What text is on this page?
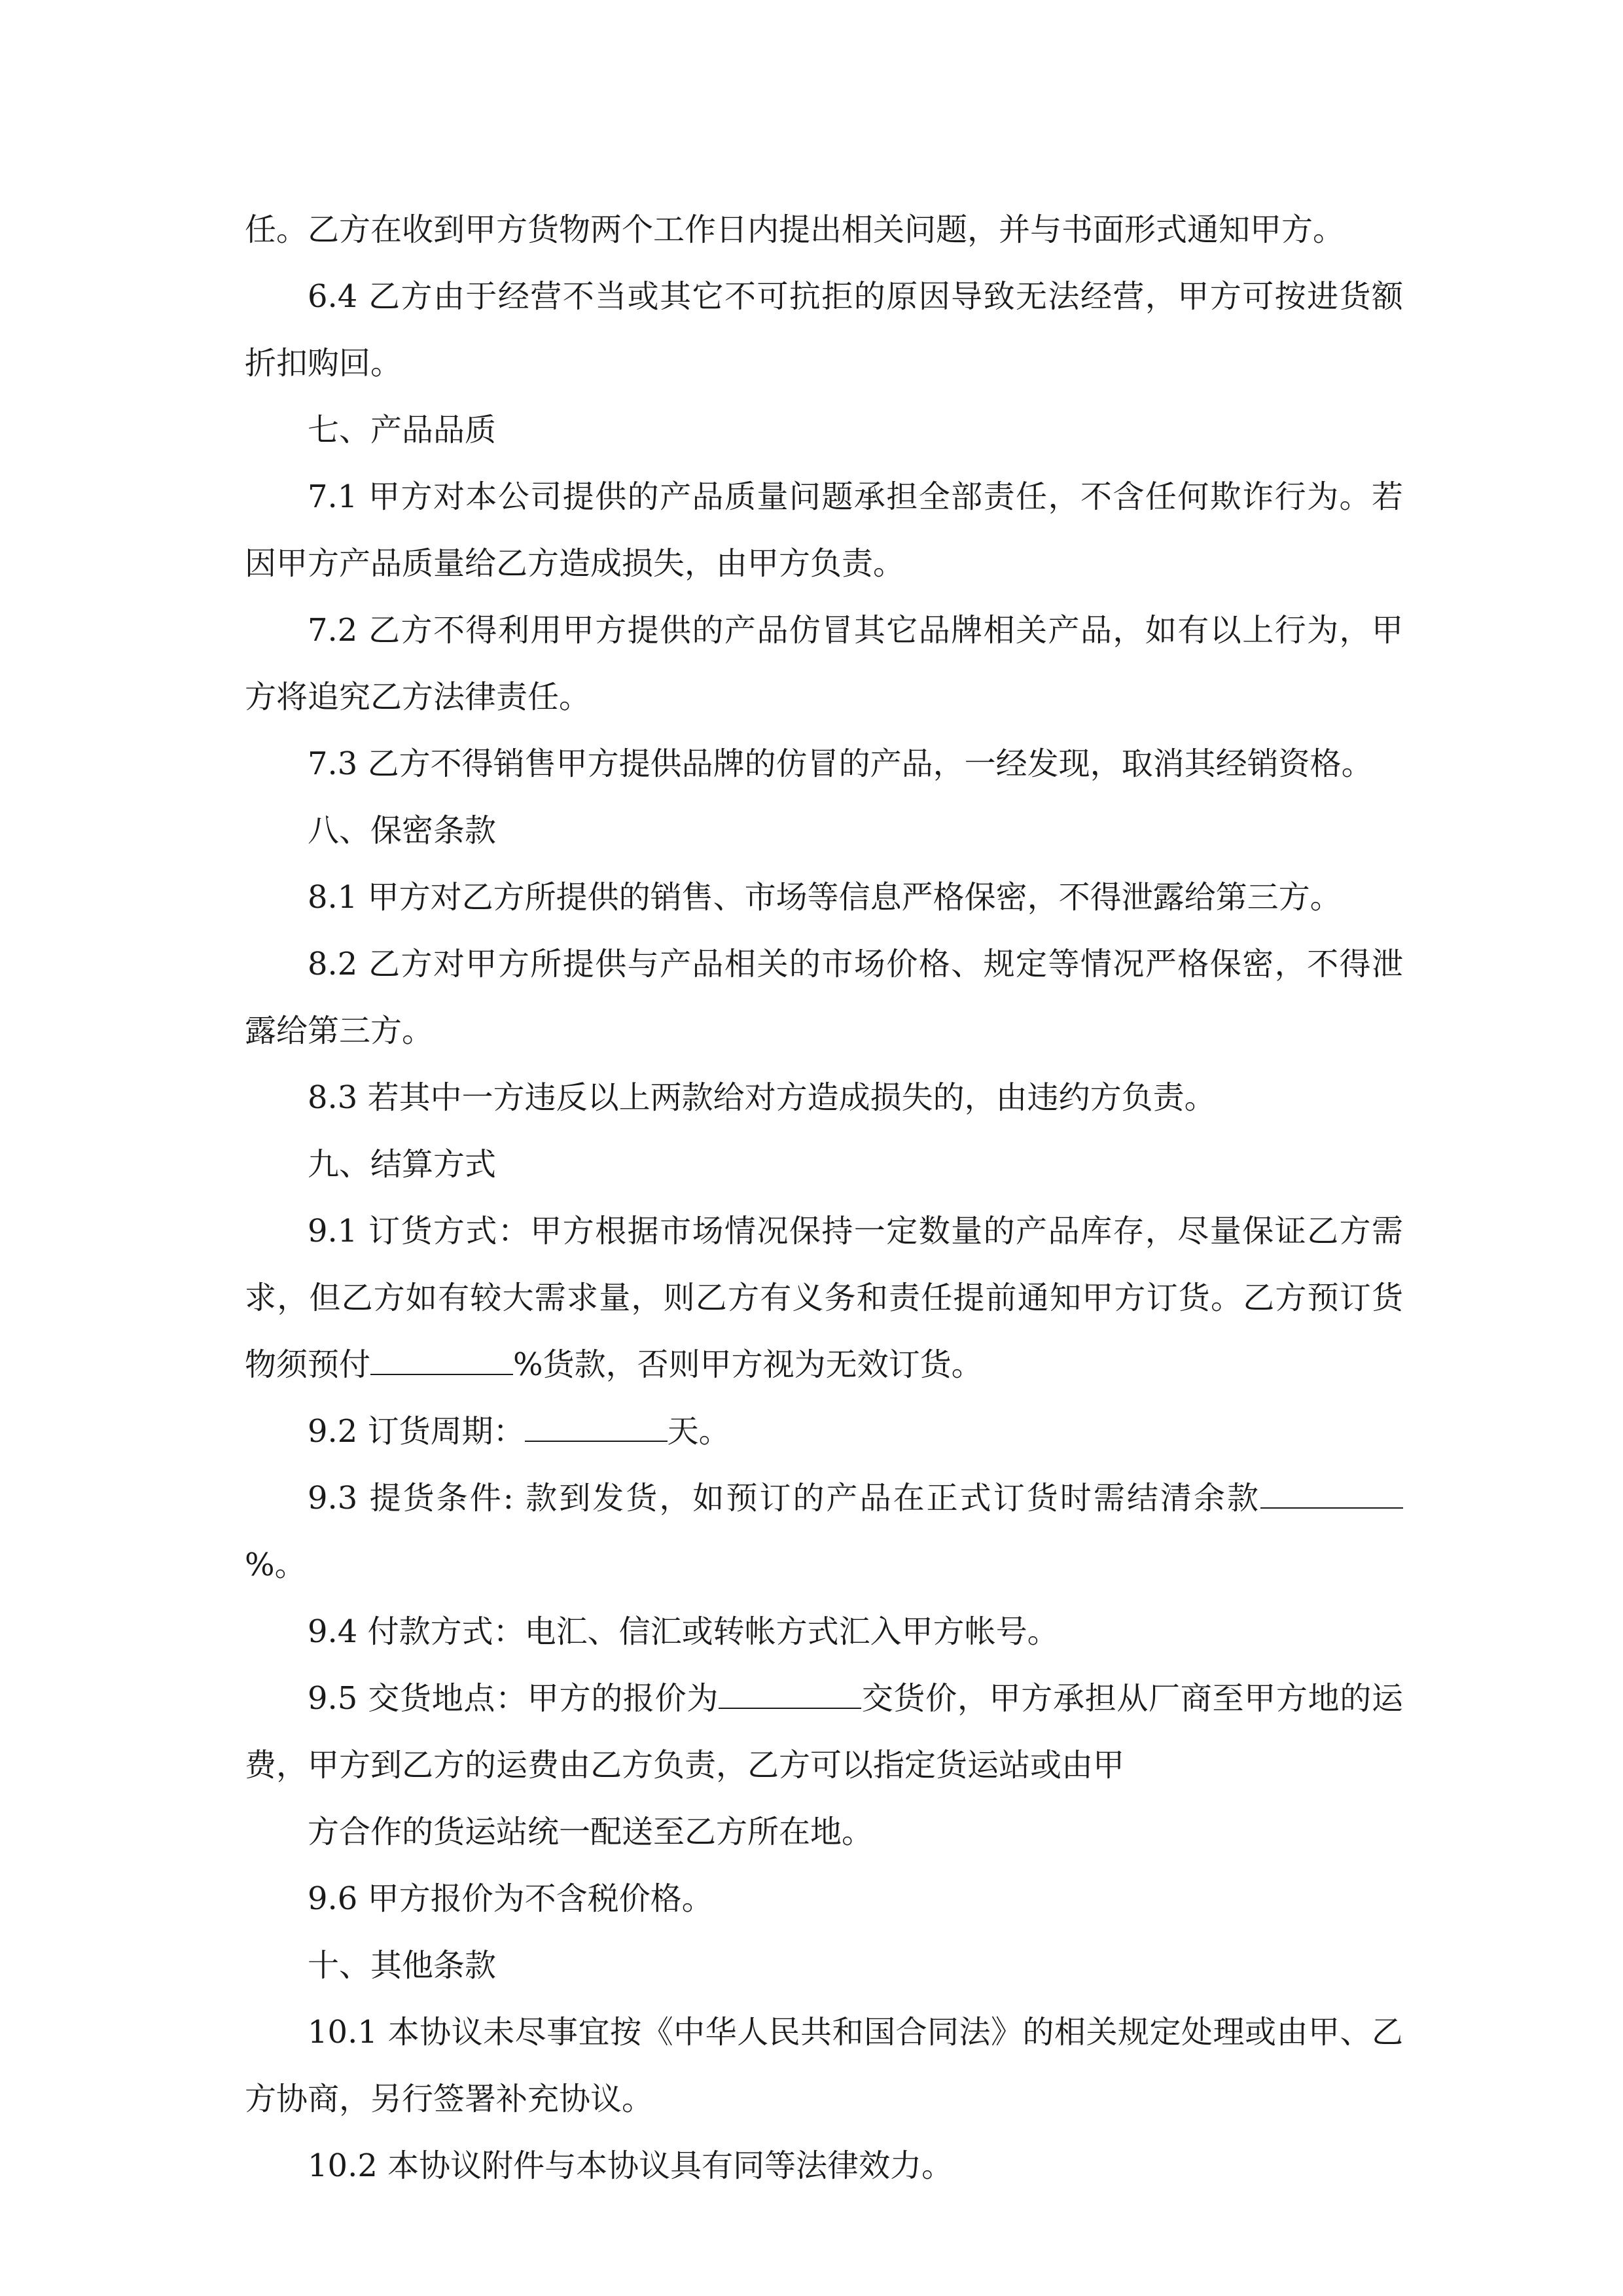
任。乙方在收到甲方货物两个工作日内提出相关问题，并与书面形式通知甲方。

6.4 乙方由于经营不当或其它不可抗拒的原因导致无法经营，甲方可按进货额折扣购回。

七、产品品质

7.1 甲方对本公司提供的产品质量问题承担全部责任，不含任何欺诈行为。若因甲方产品质量给乙方造成损失，由甲方负责。

7.2 乙方不得利用甲方提供的产品仿冒其它品牌相关产品，如有以上行为，甲方将追究乙方法律责任。

7.3 乙方不得销售甲方提供品牌的仿冒的产品，一经发现，取消其经销资格。

八、保密条款

8.1 甲方对乙方所提供的销售、市场等信息严格保密，不得泄露给第三方。

8.2 乙方对甲方所提供与产品相关的市场价格、规定等情况严格保密，不得泄露给第三方。

8.3 若其中一方违反以上两款给对方造成损失的，由违约方负责。

九、结算方式

9.1 订货方式：甲方根据市场情况保持一定数量的产品库存，尽量保证乙方需求，但乙方如有较大需求量，则乙方有义务和责任提前通知甲方订货。乙方预订货物须预付	%货款，否则甲方视为无效订货。

9.2 订货周期：	天。

9.3 提货条件: 款到发货，如预订的产品在正式订货时需结清余款%。

9.4 付款方式：电汇、信汇或转帐方式汇入甲方帐号。

9.5 交货地点：甲方的报价为	交货价，甲方承担从厂商至甲方地的运费，甲方到乙方的运费由乙方负责，乙方可以指定货运站或由甲

方合作的货运站统一配送至乙方所在地。

9.6 甲方报价为不含税价格。

十、其他条款

10.1 本协议未尽事宜按《中华人民共和国合同法》的相关规定处理或由甲、乙方协商，另行签署补充协议。

10.2 本协议附件与本协议具有同等法律效力。
